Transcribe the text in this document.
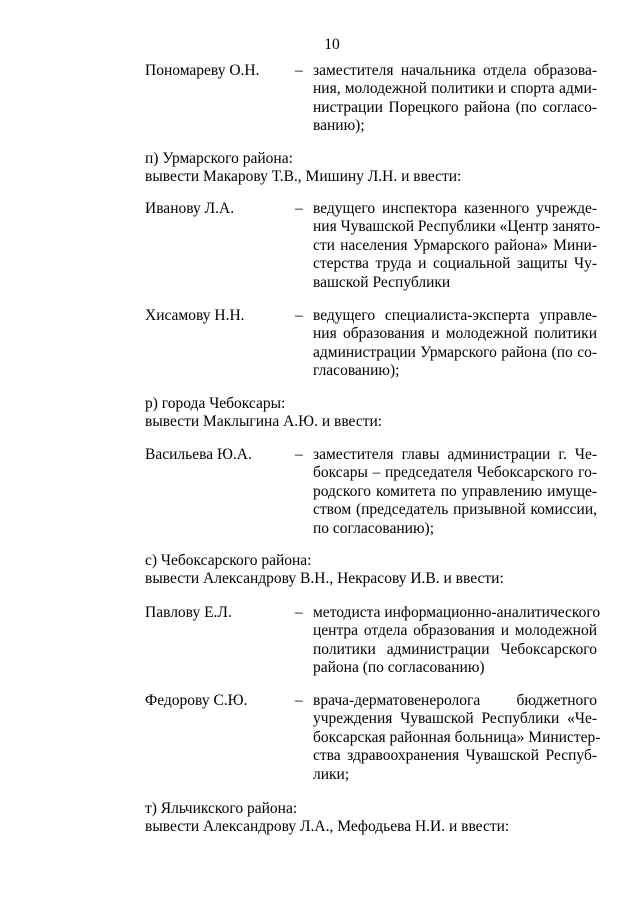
10
Пономареву О.Н. – заместителя начальника отдела образова-
ния, молодежной политики и спорта адми-
нистрации Порецкого района (по согласо-
ванию);
п) Урмарского района:
вывести Макарову Т.В., Мишину Л.Н. и ввести:
Иванову Л.А.	– ведущего инспектора казенного учрежде-
ния Чувашской Республики «Центр занято-
сти населения Урмарского района» Мини-
стерства труда и социальной защиты Чу-
вашской Республики
Хисамову Н.Н.	– ведущего специалиста-эксперта управле-
ния образования и молодежной политики
администрации Урмарского района (по со-
гласованию);
р) города Чебоксары:
вывести Маклыгина А.Ю. и ввести:
Васильева Ю.А.	– заместителя главы администрации г. Че-
боксары – председателя Чебоксарского го-
родского комитета по управлению имуще-
ством (председатель призывной комиссии,
по согласованию);
с) Чебоксарского района:
вывести Александрову В.Н., Некрасову И.В. и ввести:
Павлову Е.Л.	– методиста информационно-аналитического
центра отдела образования и молодежной
политики администрации Чебоксарского
района (по согласованию)
Федорову С.Ю.	– врача-дерматовенеролога бюджетного
учреждения Чувашской Республики «Че-
боксарская районная больница» Министер-
ства здравоохранения Чувашской Респуб-
лики;
т) Яльчикского района:
вывести Александрову Л.А., Мефодьева Н.И. и ввести:
